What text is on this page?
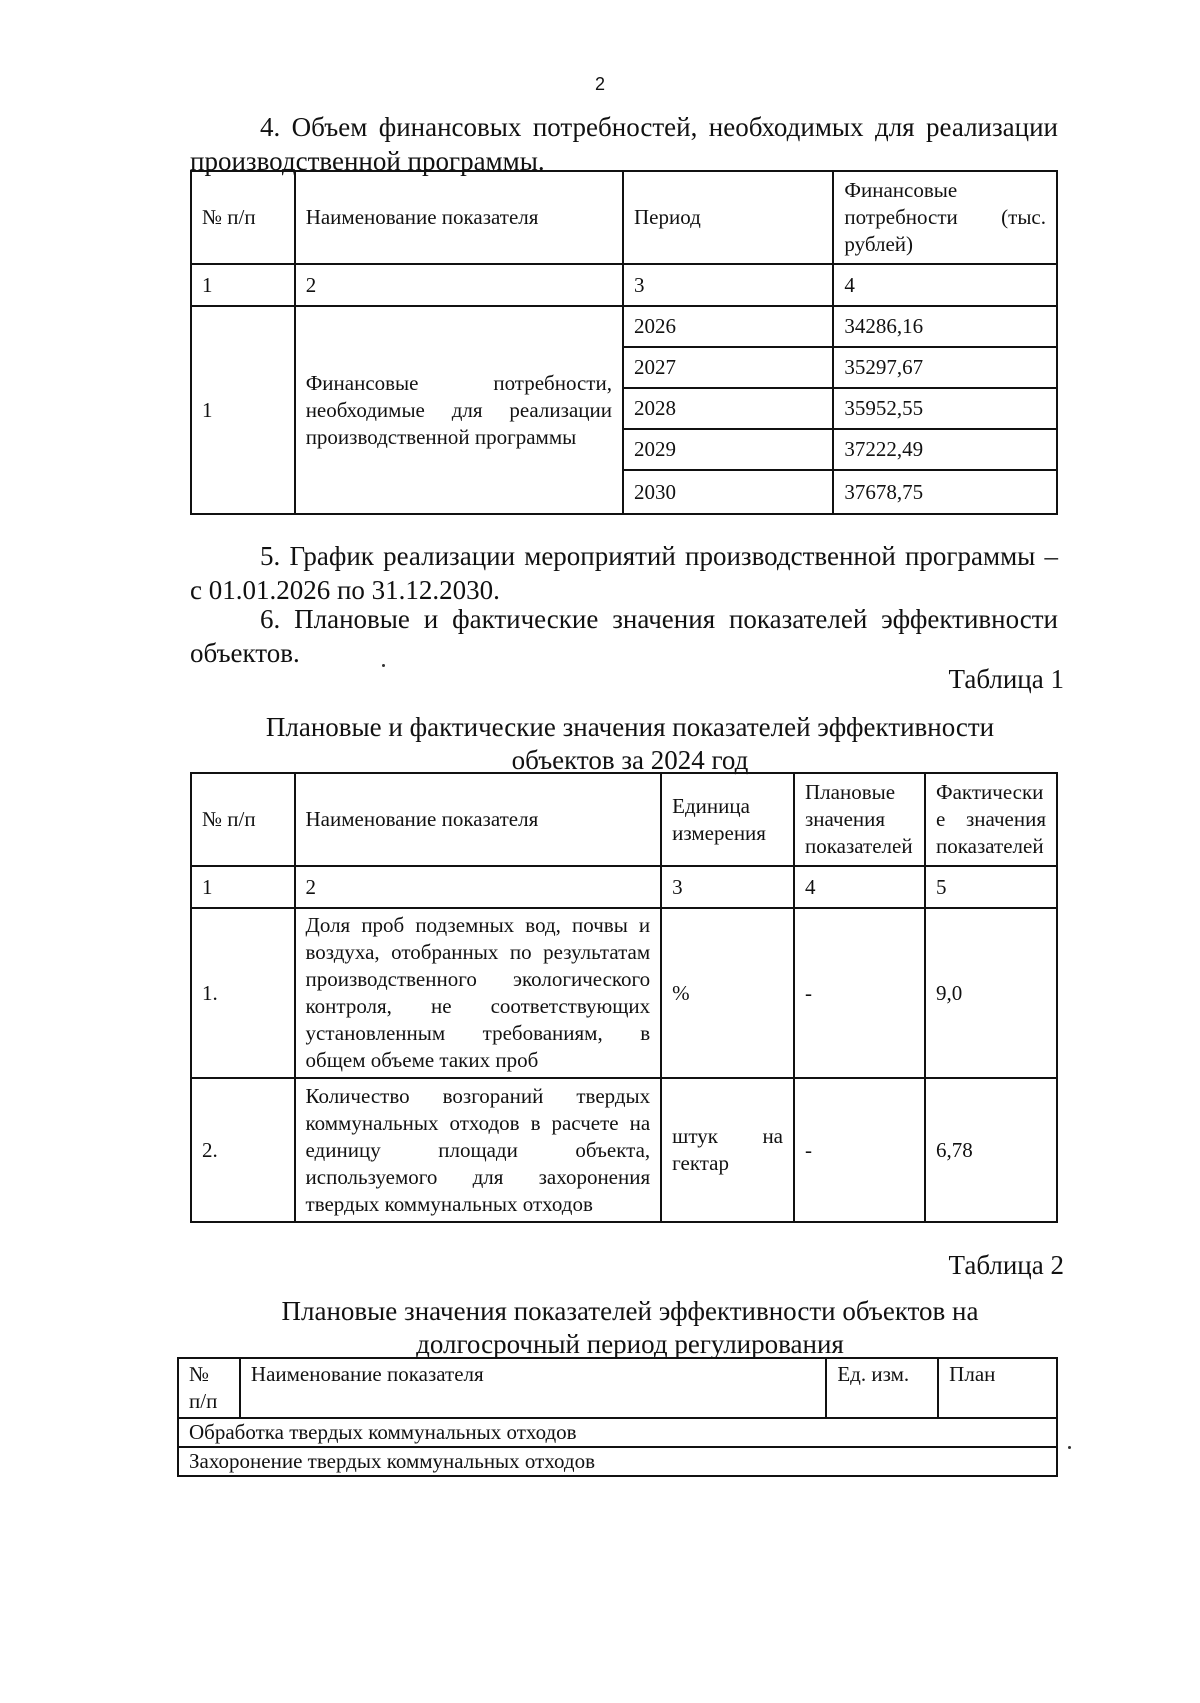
2

4. Объем финансовых потребностей, необходимых для реализации производственной программы.

№ п/п	Наименование показателя	Период	Финансовые потребности (тыс. рублей)
1	2	3	4
1	Финансовые потребности, необходимые для реализации производственной программы	2026	34286,16
		2027	35297,67
		2028	35952,55
		2029	37222,49
		2030	37678,75

5. График реализации мероприятий производственной программы – с 01.01.2026 по 31.12.2030.

6. Плановые и фактические значения показателей эффективности объектов.

Таблица 1
Плановые и фактические значения показателей эффективности
объектов за 2024 год
№ п/п	Наименование показателя	Единица измерения	Плановые значения показателей	Фактически е значения показателей
1	2	3	4	5
1.	Доля проб подземных вод, почвы и воздуха, отобранных по результатам производственного экологического контроля, не соответствующих установленным требованиям, в общем объеме таких проб	%	-	9,0
2.	Количество возгораний твердых коммунальных отходов в расчете на единицу площади объекта, используемого для захоронения твердых коммунальных отходов	штук на гектар	-	6,78
Таблица 2
Плановые значения показателей эффективности объектов на
долгосрочный период регулирования
№ п/п	Наименование показателя	Ед. изм.	План
Обработка твердых коммунальных отходов
Захоронение твердых коммунальных отходов
